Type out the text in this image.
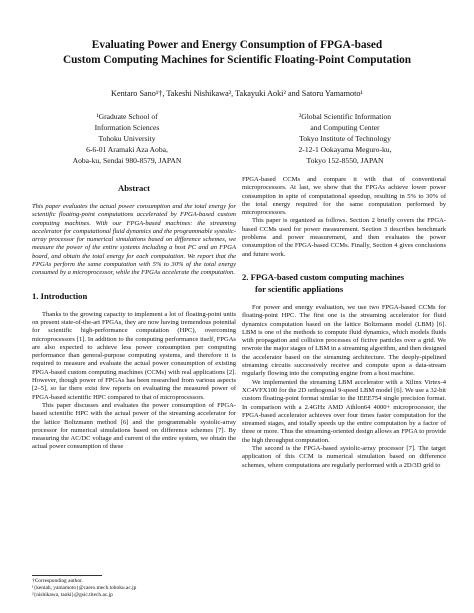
Evaluating Power and Energy Consumption of FPGA-based
Custom Computing Machines for Scientific Floating-Point Computation
Kentaro Sano¹†, Takeshi Nishikawa², Takayuki Aoki² and Satoru Yamamoto¹
¹Graduate School of
Information Sciences
Tohoku University
6-6-01 Aramaki Aza Aoba,
Aoba-ku, Sendai 980-8579, JAPAN
²Global Scientific Information
and Computing Center
Tokyo Institute of Technology
2-12-1 Ookayama Meguro-ku,
Tokyo 152-8550, JAPAN
Abstract

This paper evaluates the actual power consumption and the total energy for scientific floating-point computations accelerated by FPGA-based custom computing machines. With our FPGA-based machines: the streaming accelerator for computational fluid dynamics and the programmable systolic-array processor for numerical simulations based on difference schemes, we measure the power of the entire systems including a host PC and an FPGA board, and obtain the total energy for each computation. We report that the FPGAs perform the same computation with 5% to 30% of the total energy consumed by a microprocessor, while the FPGAs accelerate the computation.

1. Introduction

Thanks to the growing capacity to implement a lot of floating-point units on present state-of-the-art FPGAs, they are now having tremendous potential for scientific high-performance computation (HPC), overcoming microprocessors [1]. In addition to the computing performance itself, FPGAs are also expected to achieve less power consumption per computing performance than general-purpose computing systems, and therefore it is required to measure and evaluate the actual power consumption of existing FPGA-based custom computing machines (CCMs) with real applications [2]. However, though power of FPGAs has been researched from various aspects [2–5], so far there exist few reports on evaluating the measured power of FPGA-based scientific HPC compared to that of microprocessors.

This paper discusses and evaluates the power consumption of FPGA-based scientific HPC with the actual power of the streaming accelerator for the lattice Boltzmann method [6] and the programmable systolic-array processor for numerical simulations based on difference schemes [7]. By measuring the AC/DC voltage and current of the entire system, we obtain the actual power consumption of these

FPGA-based CCMs and compare it with that of conventional microprocessors. At last, we show that the FPGAs achieve lower power consumption in spite of computational speedup, resulting in 5% to 30% of the total energy required for the same computation performed by microprocessors.

This paper is organized as follows. Section 2 briefly covers the FPGA-based CCMs used for power measurement. Section 3 describes benchmark problems and power measurement, and then evaluates the power consumption of the FPGA-based CCMs. Finally, Section 4 gives conclusions and future work.

2. FPGA-based custom computing machines
for scientific appliations

For power and energy evaluation, we use two FPGA-based CCMs for floating-point HPC. The first one is the streaming accelerator for fluid dynamics computation based on the lattice Boltzmann model (LBM) [6]. LBM is one of the methods to compute fluid dynamics, which models fluids with propagation and collision processes of fictive particles over a grid. We rewrote the major stages of LBM in a streaming algorithm, and then designed the accelerator based on the streaming architecture. The deeply-pipelined streaming circuits successively receive and compute upon a data-stream regularly flowing into the computing engine from a host machine.

We implemented the streaming LBM accelerator with a Xilinx Virtex-4 XC4VFX100 for the 2D orthogonal 9-speed LBM model [6]. We use a 32-bit custom floating-point format similar to the IEEE754 single precision format. In comparison with a 2.4GHz AMD Athlon64 4000+ microprocessor, the FPGA-based accelerator achieves over four times faster computation for the streamed stages, and totally speeds up the entire computation by a factor of three or more. Thus the streaming-oriented design allows an FPGA to provide the high throughput computation.

The second is the FPGA-based systolic-array processor [7]. The target application of this CCM is numerical simulation based on difference schemes, where computations are regularly performed with a 2D/3D grid to

†Corresponding author.
¹{kentah, yamamoto}@caero.mech.tohoku.ac.jp
²{nishikawa, taoki}@gsic.titech.ac.jp
